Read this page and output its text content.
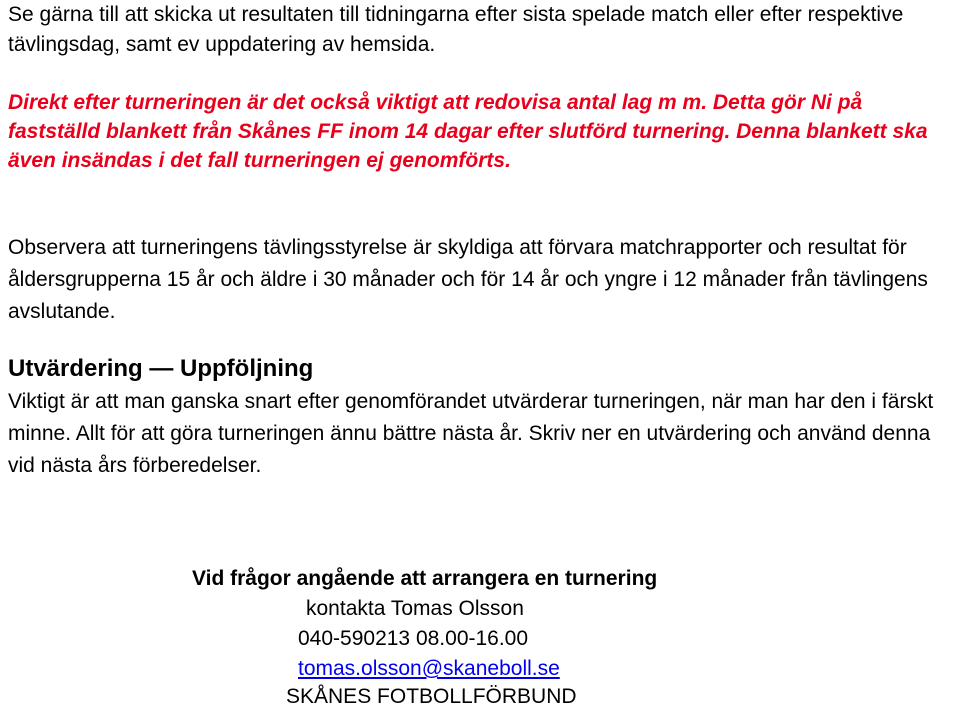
Se gärna till att skicka ut resultaten till tidningarna efter sista spelade match eller efter respektive tävlingsdag, samt ev uppdatering av hemsida.

Direkt efter turneringen är det också viktigt att redovisa antal lag m m. Detta gör Ni på fastställd blankett från Skånes FF inom 14 dagar efter slutförd turnering. Denna blankett ska även insändas i det fall turneringen ej genomförts.

Observera att turneringens tävlingsstyrelse är skyldiga att förvara matchrapporter och resultat för åldersgrupperna 15 år och äldre i 30 månader och för 14 år och yngre i 12 månader från tävlingens avslutande.

Utvärdering — Uppföljning

Viktigt är att man ganska snart efter genomförandet utvärderar turneringen, när man har den i färskt minne. Allt för att göra turneringen ännu bättre nästa år. Skriv ner en utvärdering och använd denna vid nästa års förberedelser.

Vid frågor angående att arrangera en turnering
kontakta Tomas Olsson
040-590213 08.00-16.00
tomas.olsson@skaneboll.se
SKÅNES FOTBOLLFÖRBUND
